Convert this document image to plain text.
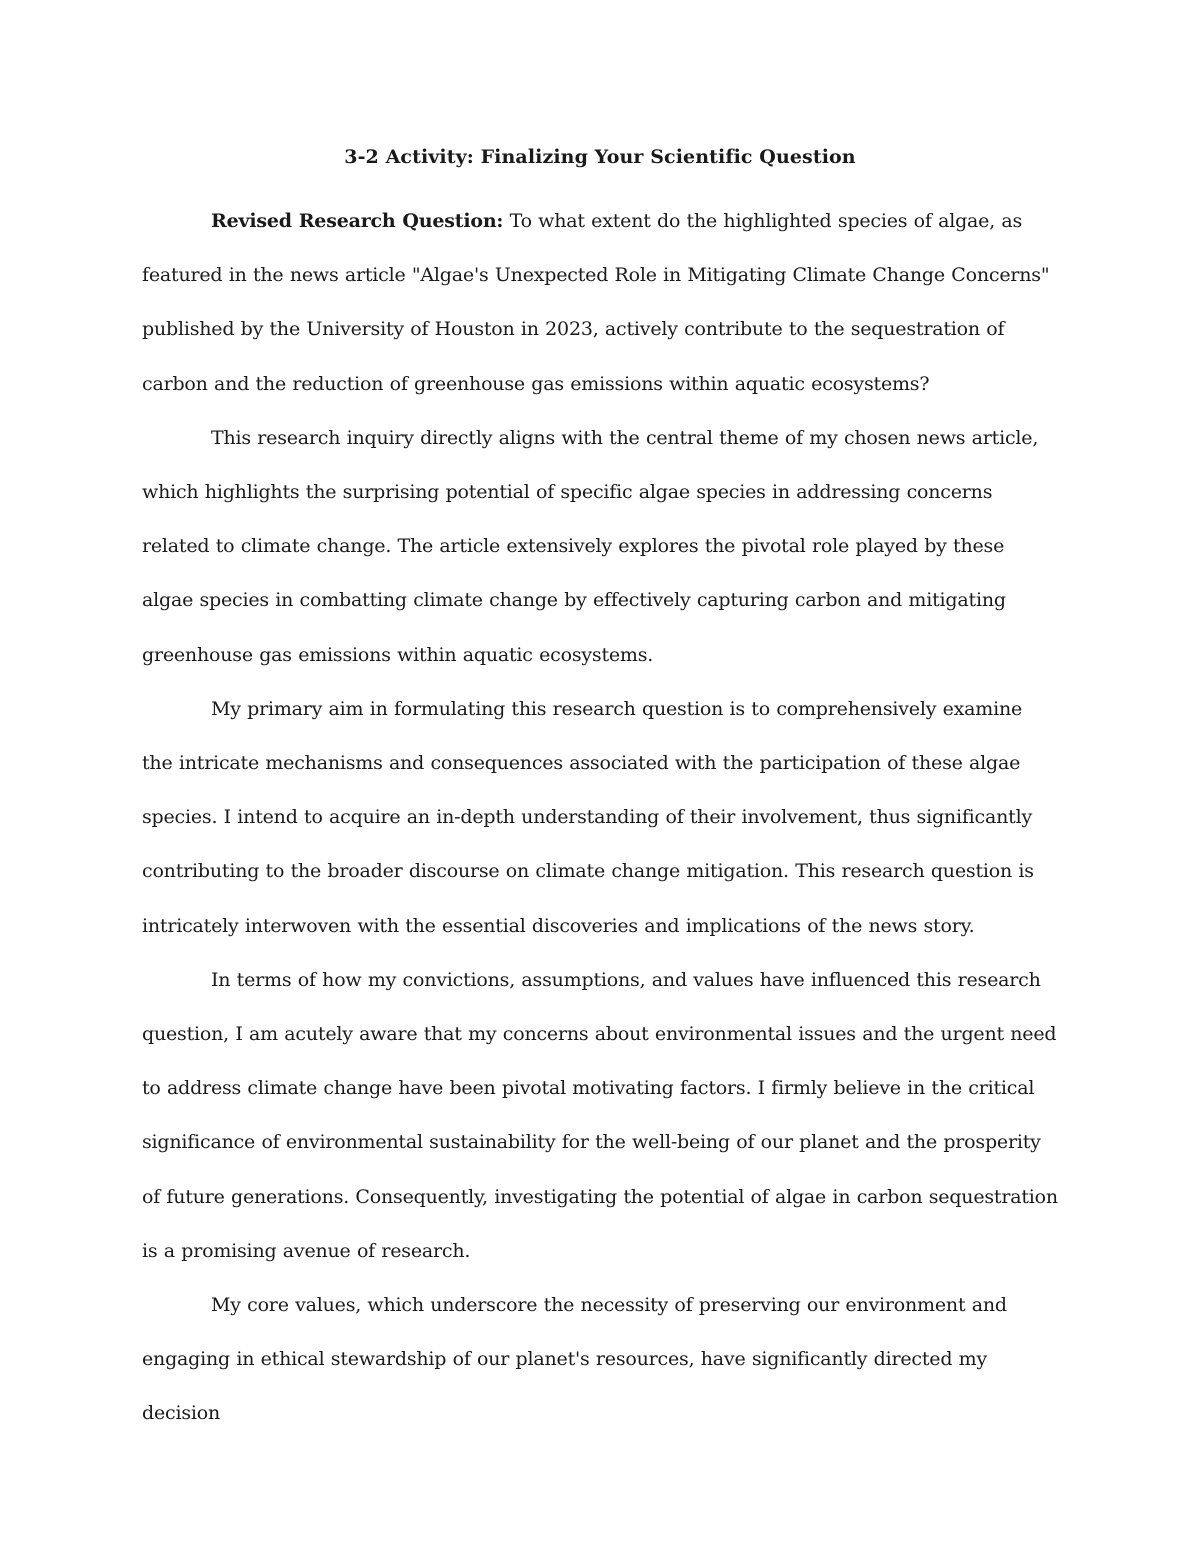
3-2 Activity: Finalizing Your Scientific Question

Revised Research Question: To what extent do the highlighted species of algae, as featured in the news article "Algae's Unexpected Role in Mitigating Climate Change Concerns" published by the University of Houston in 2023, actively contribute to the sequestration of carbon and the reduction of greenhouse gas emissions within aquatic ecosystems?

This research inquiry directly aligns with the central theme of my chosen news article, which highlights the surprising potential of specific algae species in addressing concerns related to climate change. The article extensively explores the pivotal role played by these algae species in combatting climate change by effectively capturing carbon and mitigating greenhouse gas emissions within aquatic ecosystems.

My primary aim in formulating this research question is to comprehensively examine the intricate mechanisms and consequences associated with the participation of these algae species. I intend to acquire an in-depth understanding of their involvement, thus significantly contributing to the broader discourse on climate change mitigation. This research question is intricately interwoven with the essential discoveries and implications of the news story.

In terms of how my convictions, assumptions, and values have influenced this research question, I am acutely aware that my concerns about environmental issues and the urgent need to address climate change have been pivotal motivating factors. I firmly believe in the critical significance of environmental sustainability for the well-being of our planet and the prosperity of future generations. Consequently, investigating the potential of algae in carbon sequestration is a promising avenue of research.

My core values, which underscore the necessity of preserving our environment and engaging in ethical stewardship of our planet's resources, have significantly directed my decision
